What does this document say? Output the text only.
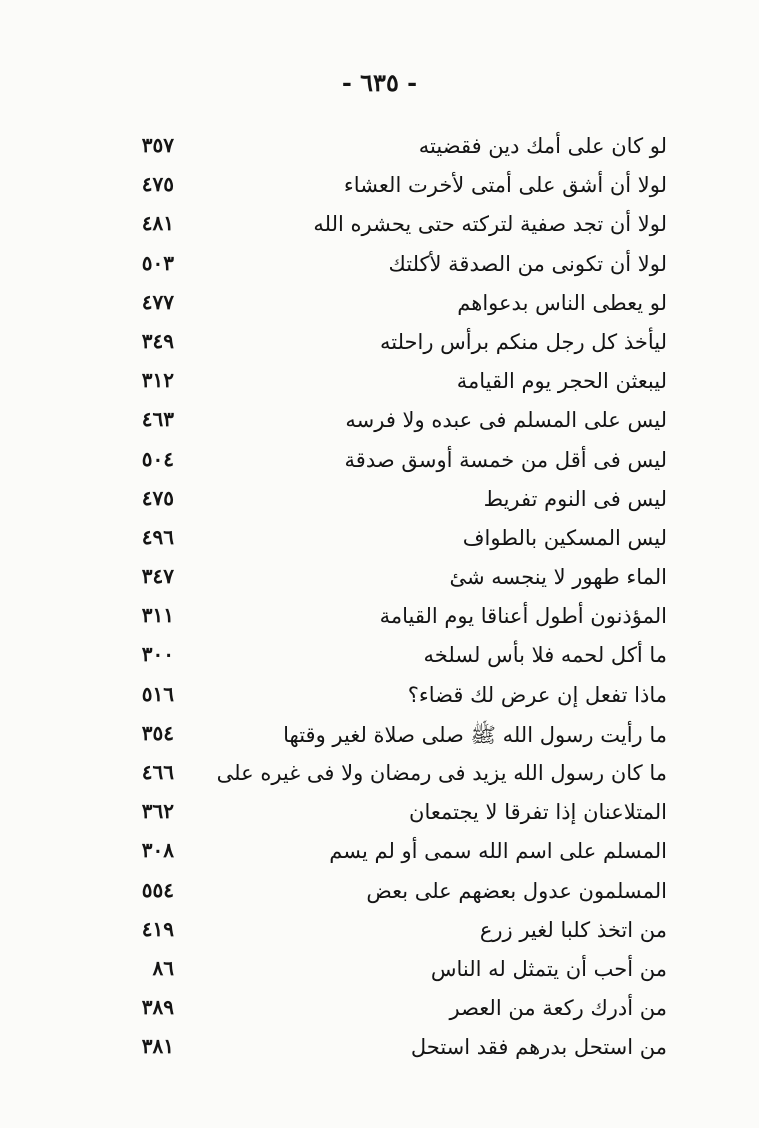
- ٦٣٥ -
لو كان على أمك دين فقضيته
٣٥٧
لولا أن أشق على أمتى لأخرت العشاء
٤٧٥
لولا أن تجد صفية لتركته حتى يحشره الله
٤٨١
لولا أن تكونى من الصدقة لأكلتك
٥٠٣
لو يعطى الناس بدعواهم
٤٧٧
ليأخذ كل رجل منكم برأس راحلته
٣٤٩
ليبعثن الحجر يوم القيامة
٣١٢
ليس على المسلم فى عبده ولا فرسه
٤٦٣
ليس فى أقل من خمسة أوسق صدقة
٥٠٤
ليس فى النوم تفريط
٤٧٥
ليس المسكين بالطواف
٤٩٦
الماء طهور لا ينجسه شئ
٣٤٧
المؤذنون أطول أعناقا يوم القيامة
٣١١
ما أكل لحمه فلا بأس لسلخه
٣٠٠
ماذا تفعل إن عرض لك قضاء؟
٥١٦
ما رأيت رسول الله ﷺ صلى صلاة لغير وقتها
٣٥٤
ما كان رسول الله يزيد فى رمضان ولا فى غيره على
٤٦٦
المتلاعنان إذا تفرقا لا يجتمعان
٣٦٢
المسلم على اسم الله سمى أو لم يسم
٣٠٨
المسلمون عدول بعضهم على بعض
٥٥٤
من اتخذ كلبا لغير زرع
٤١٩
من أحب أن يتمثل له الناس
٨٦
من أدرك ركعة من العصر
٣٨٩
من استحل بدرهم فقد استحل
٣٨١
